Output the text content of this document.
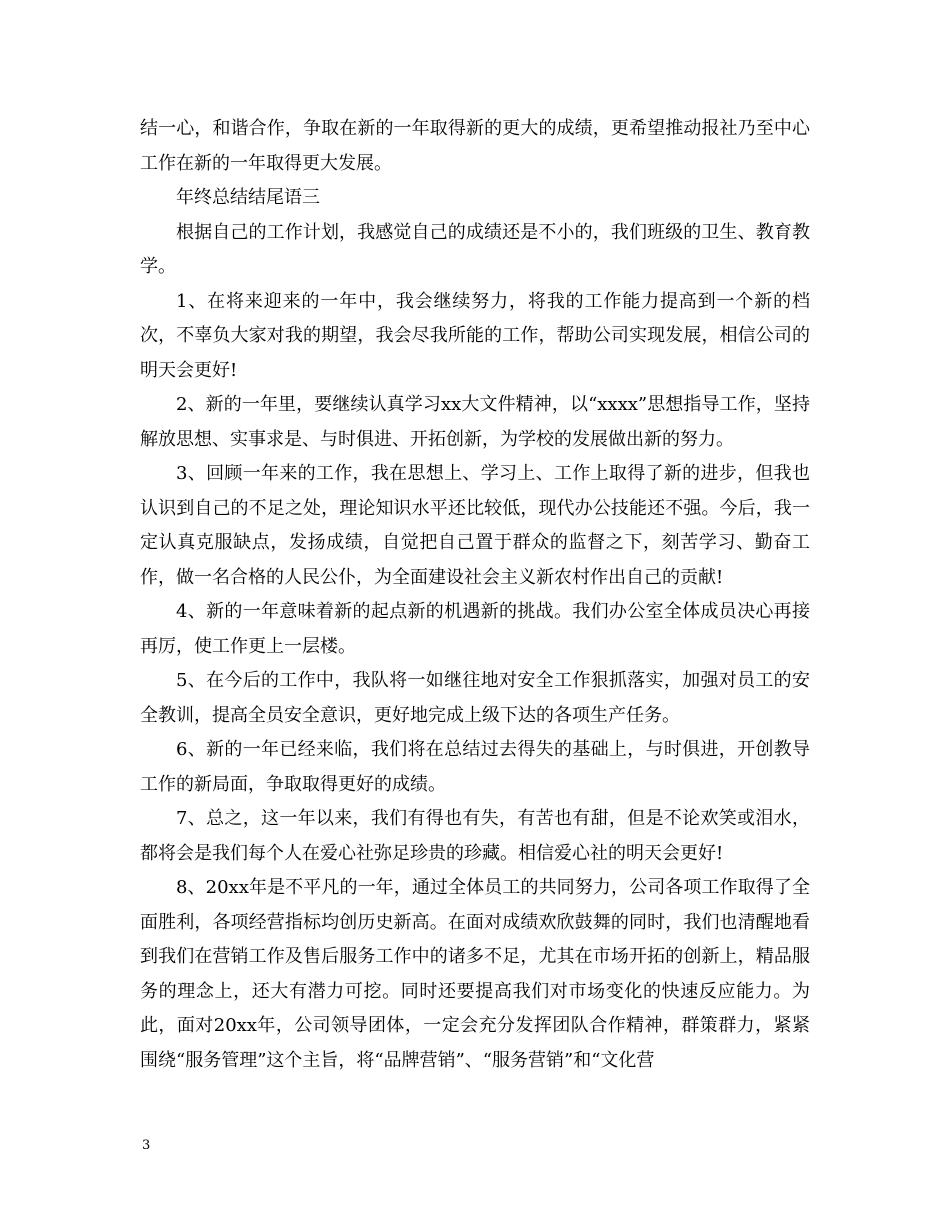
结一心，和谐合作，争取在新的一年取得新的更大的成绩，更希望推动报社乃至中心工作在新的一年取得更大发展。

年终总结结尾语三

根据自己的工作计划，我感觉自己的成绩还是不小的，我们班级的卫生、教育教学。

1、在将来迎来的一年中，我会继续努力，将我的工作能力提高到一个新的档次，不辜负大家对我的期望，我会尽我所能的工作，帮助公司实现发展，相信公司的明天会更好!

2、新的一年里，要继续认真学习xx大文件精神，以“xxxx”思想指导工作，坚持解放思想、实事求是、与时俱进、开拓创新，为学校的发展做出新的努力。

3、回顾一年来的工作，我在思想上、学习上、工作上取得了新的进步，但我也认识到自己的不足之处，理论知识水平还比较低，现代办公技能还不强。今后，我一定认真克服缺点，发扬成绩，自觉把自己置于群众的监督之下，刻苦学习、勤奋工作，做一名合格的人民公仆，为全面建设社会主义新农村作出自己的贡献!

4、新的一年意味着新的起点新的机遇新的挑战。我们办公室全体成员决心再接再厉，使工作更上一层楼。

5、在今后的工作中，我队将一如继往地对安全工作狠抓落实，加强对员工的安全教训，提高全员安全意识，更好地完成上级下达的各项生产任务。

6、新的一年已经来临，我们将在总结过去得失的基础上，与时俱进，开创教导工作的新局面，争取取得更好的成绩。

7、总之，这一年以来，我们有得也有失，有苦也有甜，但是不论欢笑或泪水，都将会是我们每个人在爱心社弥足珍贵的珍藏。相信爱心社的明天会更好!

8、20xx年是不平凡的一年，通过全体员工的共同努力，公司各项工作取得了全面胜利，各项经营指标均创历史新高。在面对成绩欢欣鼓舞的同时，我们也清醒地看到我们在营销工作及售后服务工作中的诸多不足，尤其在市场开拓的创新上，精品服务的理念上，还大有潜力可挖。同时还要提高我们对市场变化的快速反应能力。为此，面对20xx年，公司领导团体，一定会充分发挥团队合作精神，群策群力，紧紧围绕“服务管理”这个主旨，将“品牌营销”、“服务营销”和“文化营

3
